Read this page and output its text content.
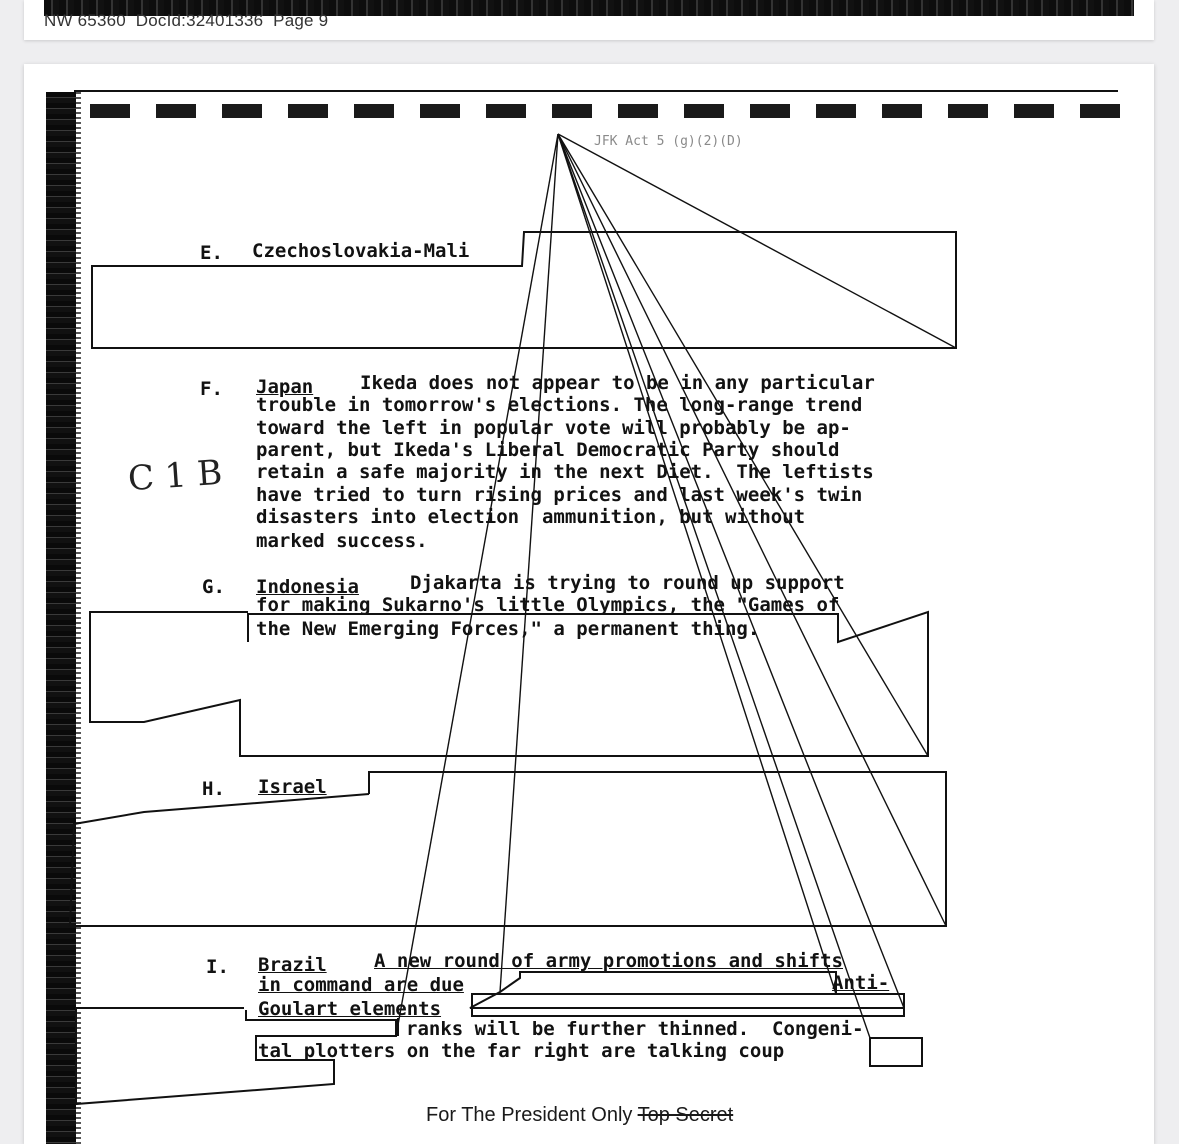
NW 65360  DocId:32401336  Page 9
JFK Act 5 (g)(2)(D)
E. Czechoslovakia-Mali
F. Japan Ikeda does not appear to be in any particular
trouble in tomorrow's elections. The long-range trend
toward the left in popular vote will probably be ap-
parent, but Ikeda's Liberal Democratic Party should
retain a safe majority in the next Diet.  The leftists
have tried to turn rising prices and last week's twin
disasters into election  ammunition, but without
marked success.
C 1 B
G. Indonesia	Djakarta is trying to round up support
for making Sukarno's little Olympics, the "Games of
the New Emerging Forces," a permanent thing.
H. Israel
I. Brazil A new round of army promotions and shifts
in command are due	Anti-
Goulart elements
ranks will be further thinned.  Congeni-
tal plotters on the far right are talking coup
For The President Only Top Secret
